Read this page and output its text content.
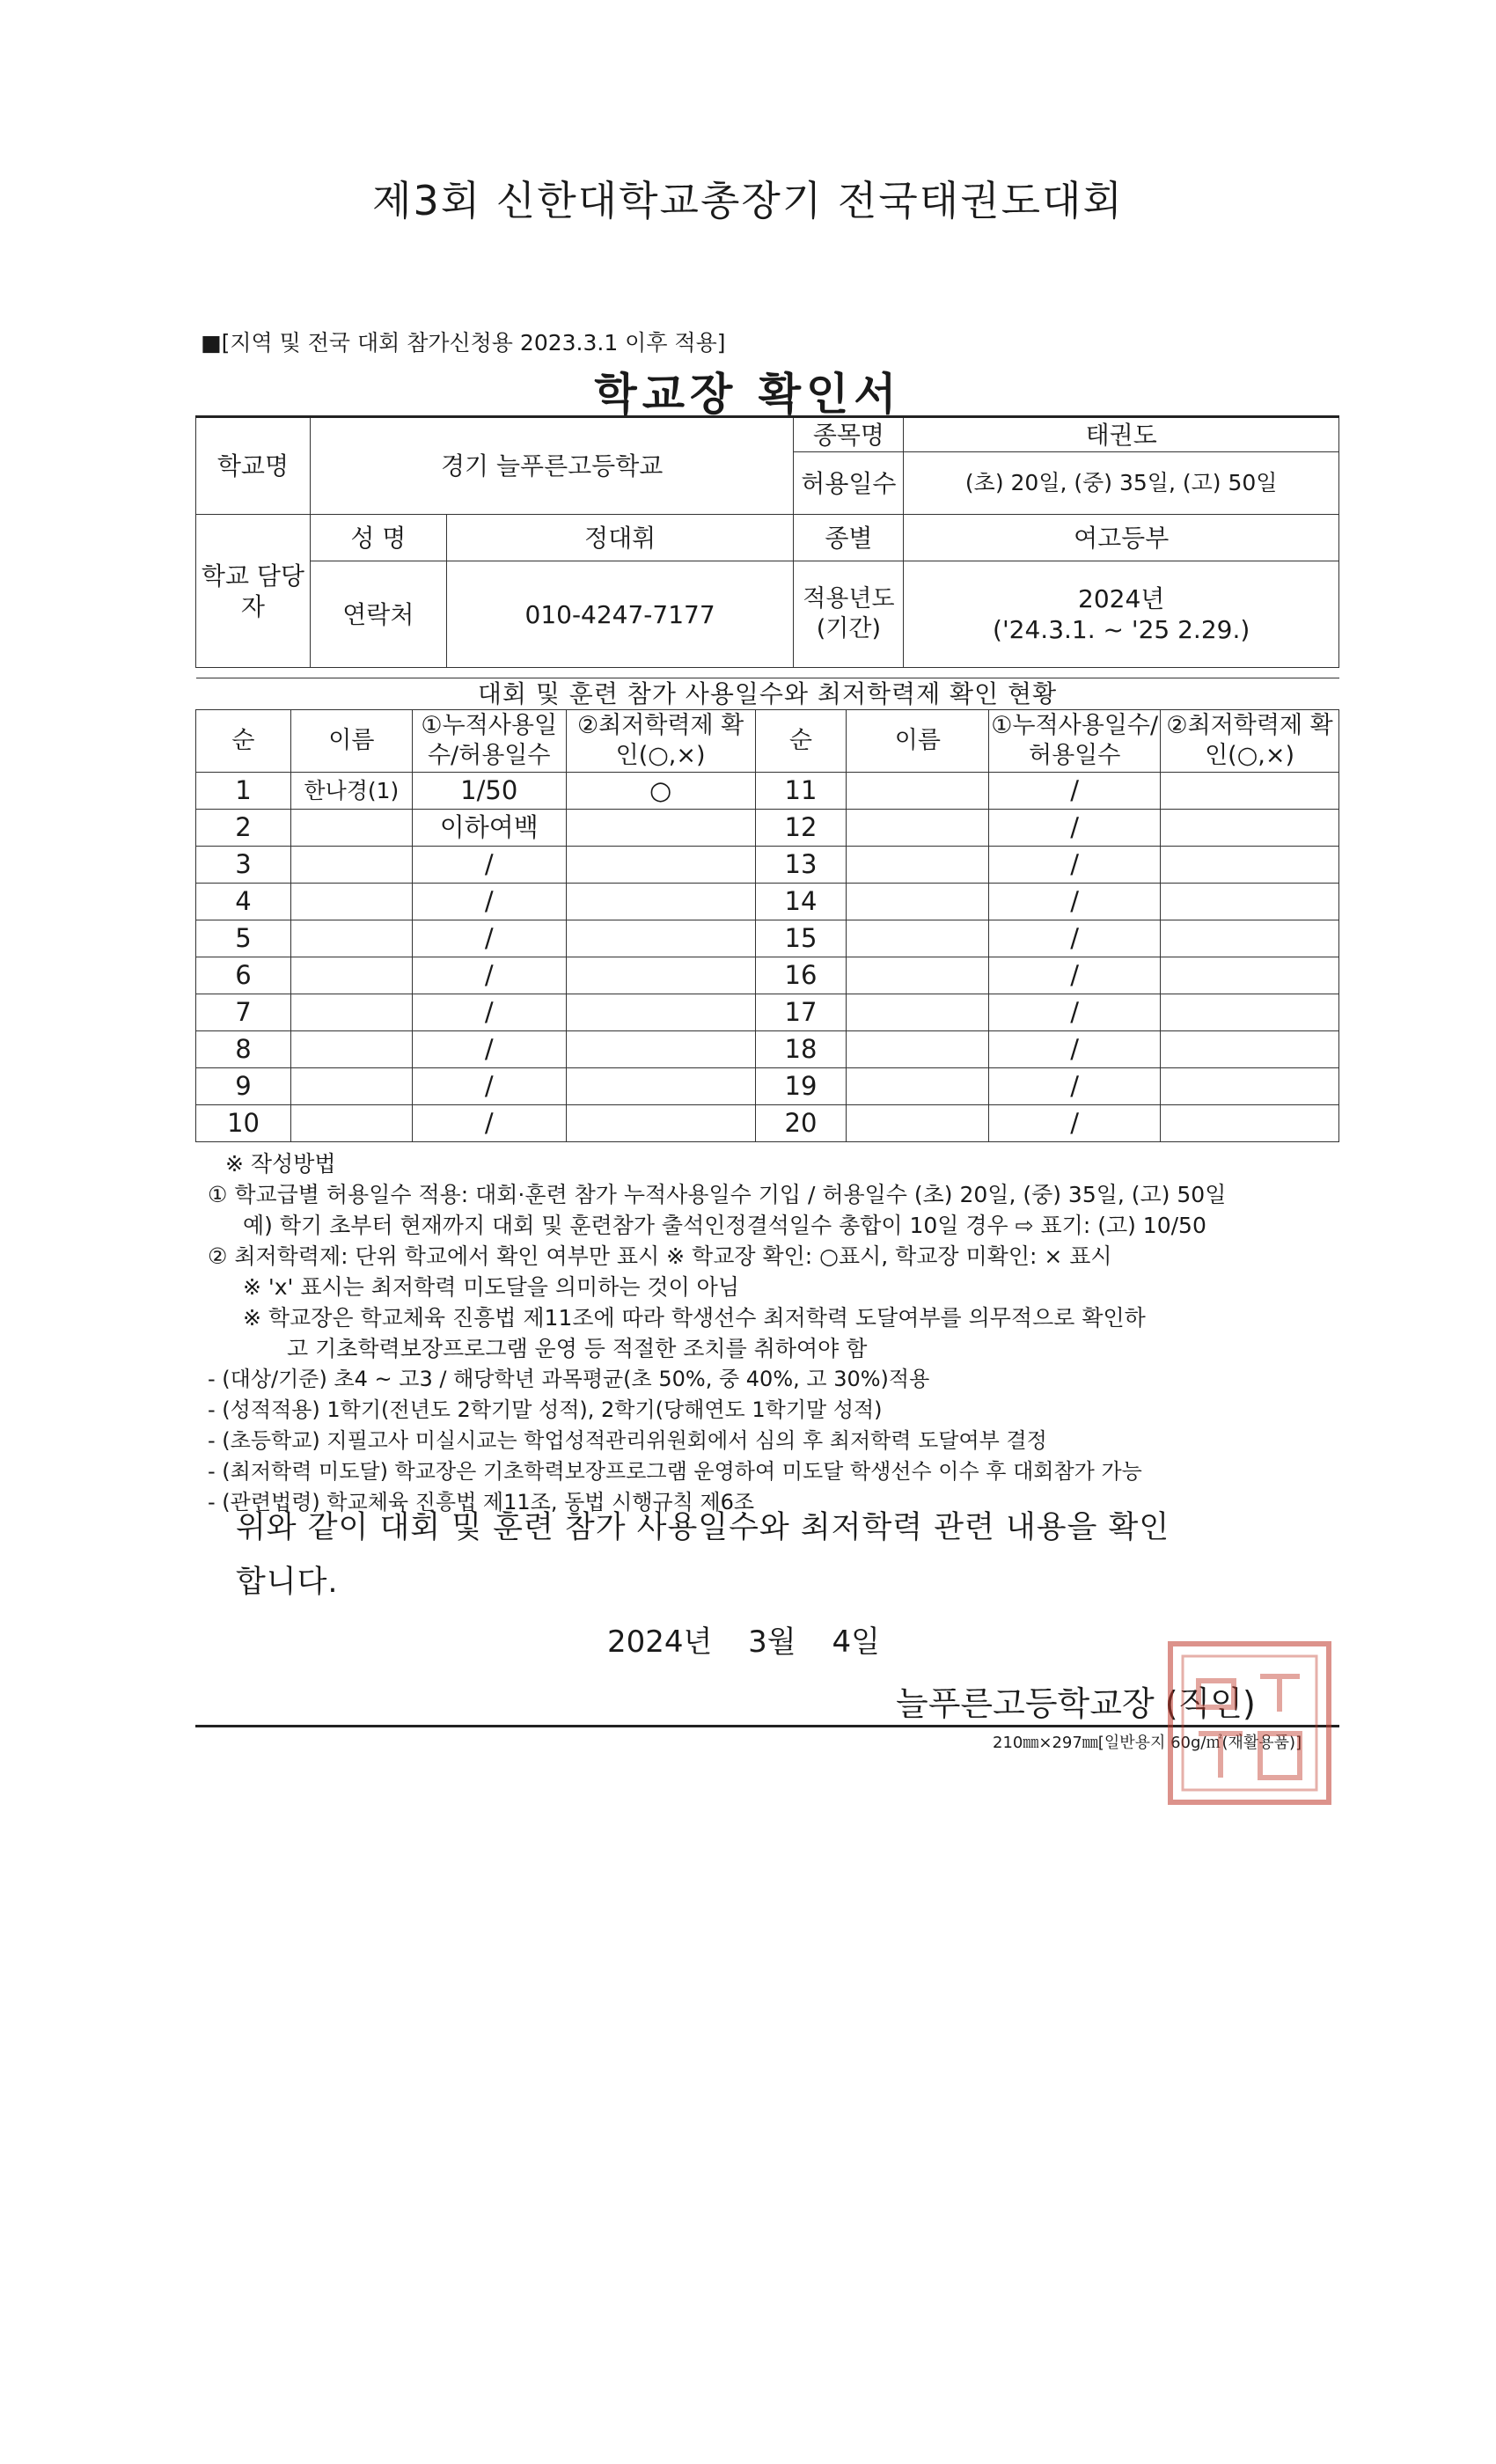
제3회 신한대학교총장기 전국태권도대회
■[지역 및 전국 대회 참가신청용 2023.3.1 이후 적용]
학교장 확인서
학교명	경기 늘푸른고등학교		종목명	태권도
			허용일수	(초) 20일, (중) 35일, (고) 50일
학교 담당자	성 명	정대휘	종별	여고등부
	연락처	010-4247-7177	적용년도 (기간)	2024년
('24.3.1. ~ '25 2.29.)
대회 및 훈련 참가 사용일수와 최저학력제 확인 현황							
순	이름	①누적사용일수/허용일수	②최저학력제 확인(○,×)	순	이름	①누적사용일수/허용일수	②최저학력제 확인(○,×)
1	한나경(1)	1/50	○	11		/	
2		이하여백		12		/	
3		/		13		/	
4		/		14		/	
5		/		15		/	
6		/		16		/	
7		/		17		/	
8		/		18		/	
9		/		19		/	
10		/		20		/	
※ 작성방법
① 학교급별 허용일수 적용: 대회·훈련 참가 누적사용일수 기입 / 허용일수 (초) 20일, (중) 35일, (고) 50일
예) 학기 초부터 현재까지 대회 및 훈련참가 출석인정결석일수 총합이 10일 경우 ⇨ 표기: (고) 10/50
② 최저학력제: 단위 학교에서 확인 여부만 표시 ※ 학교장 확인: ○표시, 학교장 미확인: × 표시
※ 'x' 표시는 최저학력 미도달을 의미하는 것이 아님
※ 학교장은 학교체육 진흥법 제11조에 따라 학생선수 최저학력 도달여부를 의무적으로 확인하
고 기초학력보장프로그램 운영 등 적절한 조치를 취하여야 함
- (대상/기준) 초4 ~ 고3 / 해당학년 과목평균(초 50%, 중 40%, 고 30%)적용
- (성적적용) 1학기(전년도 2학기말 성적), 2학기(당해연도 1학기말 성적)
- (초등학교) 지필고사 미실시교는 학업성적관리위원회에서 심의 후 최저학력 도달여부 결정
- (최저학력 미도달) 학교장은 기초학력보장프로그램 운영하여 미도달 학생선수 이수 후 대회참가 가능
- (관련법령) 학교체육 진흥법 제11조, 동법 시행규칙 제6조
위와 같이 대회 및 훈련 참가 사용일수와 최저학력 관련 내용을 확인
합니다.
2024년 3월 4일
늘푸른고등학교장 (직인)
210㎜×297㎜[일반용지 60g/㎡(재활용품)]
